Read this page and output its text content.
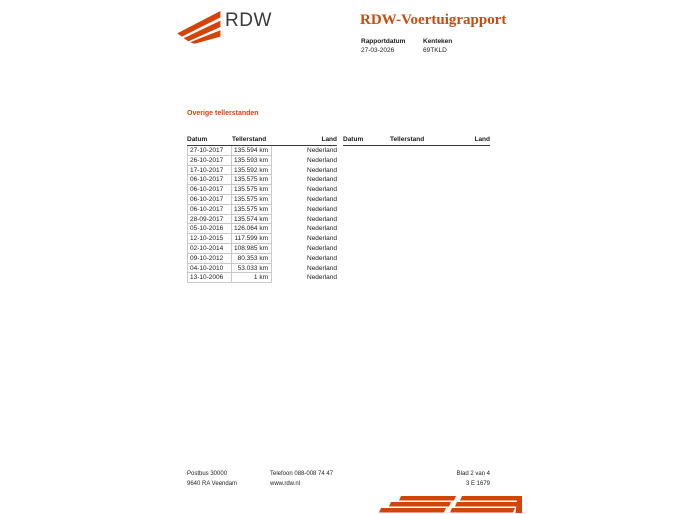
RDW	RDW-Voertuigrapport
Rapportdatum
27-03-2026
Kenteken
69TKLD
Overige tellerstanden
Datum	Tellerstand	Land
27-10-2017	135.594 km	Nederland
26-10-2017	135.593 km	Nederland
17-10-2017	135.592 km	Nederland
06-10-2017	135.575 km	Nederland
06-10-2017	135.575 km	Nederland
06-10-2017	135.575 km	Nederland
06-10-2017	135.575 km	Nederland
28-09-2017	135.574 km	Nederland
05-10-2016	126.064 km	Nederland
12-10-2015	117.599 km	Nederland
02-10-2014	108.985 km	Nederland
09-10-2012	80.353 km	Nederland
04-10-2010	53.033 km	Nederland
13-10-2006	1 km	Nederland
Datum	Tellerstand	Land
Postbus 30000
9640 RA Veendam
Telefoon 088-008 74 47
www.rdw.nl
Blad 2 van 4
3 E 1679
